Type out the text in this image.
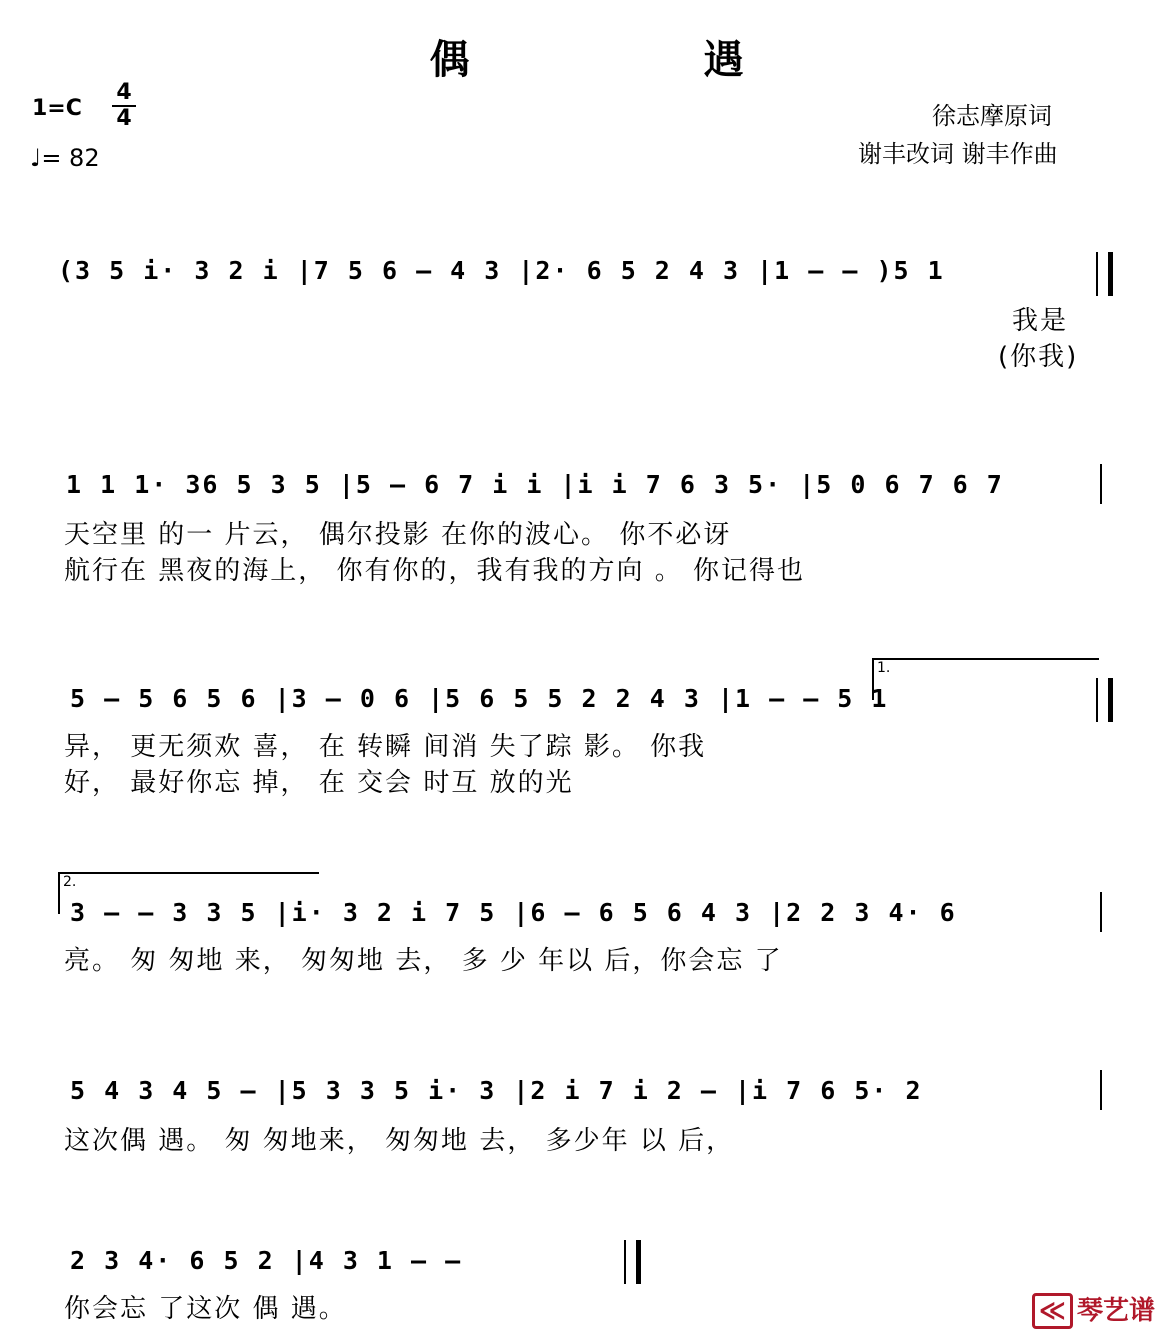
偶 遇
1=C
4
4
♩= 82
徐志摩原词
谢丰改词 谢丰作曲
(3 5 i· 3 2 i |7 5 6 – 4 3 |2· 6 5 2 4 3 |1 – – )5 1
我是
(你我)
1 1 1· 36 5 3 5 |5 – 6 7 i i |i i 7 6 3 5· |5 0 6 7 6 7
天空里 的一 片云， 偶尔投影 在你的波心。 你不必讶
航行在 黑夜的海上， 你有你的，我有我的方向 。 你记得也
1.
5 – 5 6 5 6 |3 – 0 6 |5 6 5 5 2 2 4 3 |1 – – 5 1
异， 更无须欢 喜， 在 转瞬 间消 失了踪 影。 你我
好， 最好你忘 掉， 在 交会 时互 放的光
2.
3 – – 3 3 5 |i· 3 2 i 7 5 |6 – 6 5 6 4 3 |2 2 3 4· 6
亮。 匆 匆地 来， 匆匆地 去， 多 少 年以 后，你会忘 了
5 4 3 4 5 – |5 3 3 5 i· 3 |2 i 7 i 2 – |i 7 6 5· 2
这次偶 遇。 匆 匆地来， 匆匆地 去， 多少年 以 后，
2 3 4· 6 5 2 |4 3 1 – –
你会忘 了这次 偶 遇。	≪ 琴艺谱
